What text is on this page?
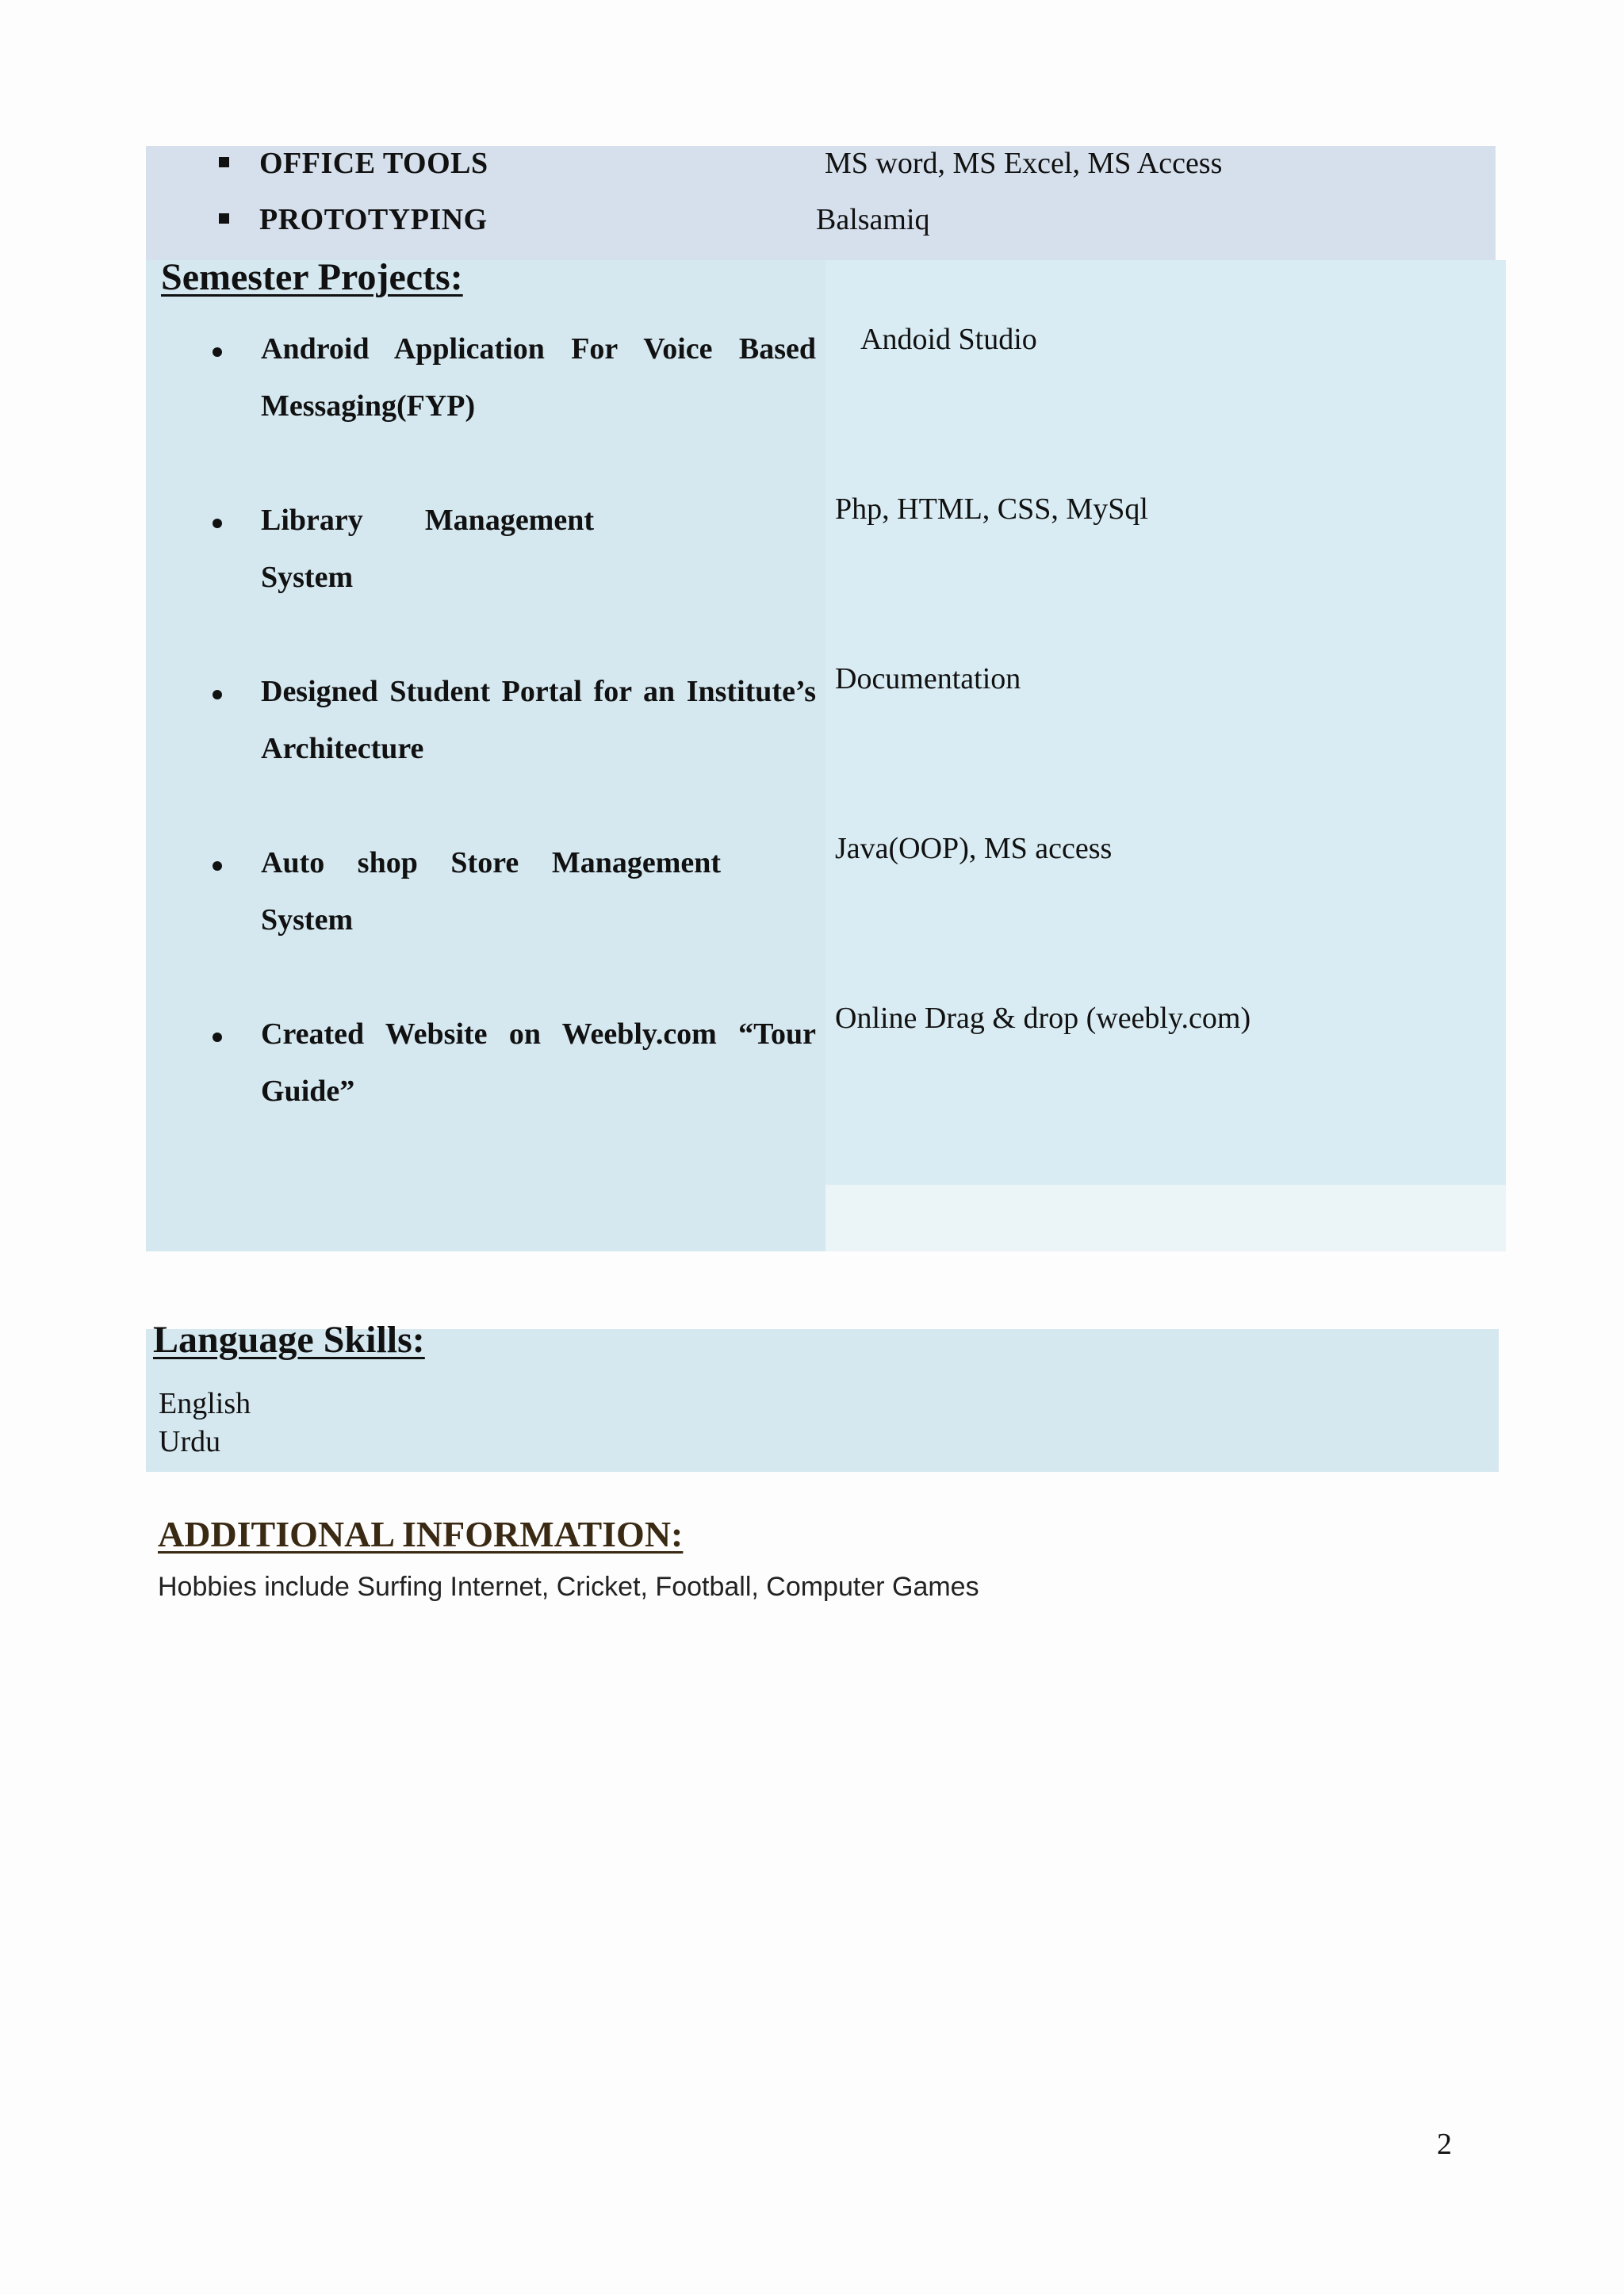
OFFICE TOOLS	MS word, MS Excel, MS Access
PROTOTYPING	Balsamiq
Semester Projects:
Android Application For Voice Based Messaging(FYP)
Andoid Studio
Library Management System
Php, HTML, CSS, MySql
Designed Student Portal for an Institute’s Architecture
Documentation
Auto shop Store Management System
Java(OOP), MS access
Created Website on Weebly.com “Tour Guide”
Online Drag & drop (weebly.com)
Language Skills:
English
Urdu
ADDITIONAL INFORMATION:
Hobbies include Surfing Internet, Cricket, Football, Computer Games
2
